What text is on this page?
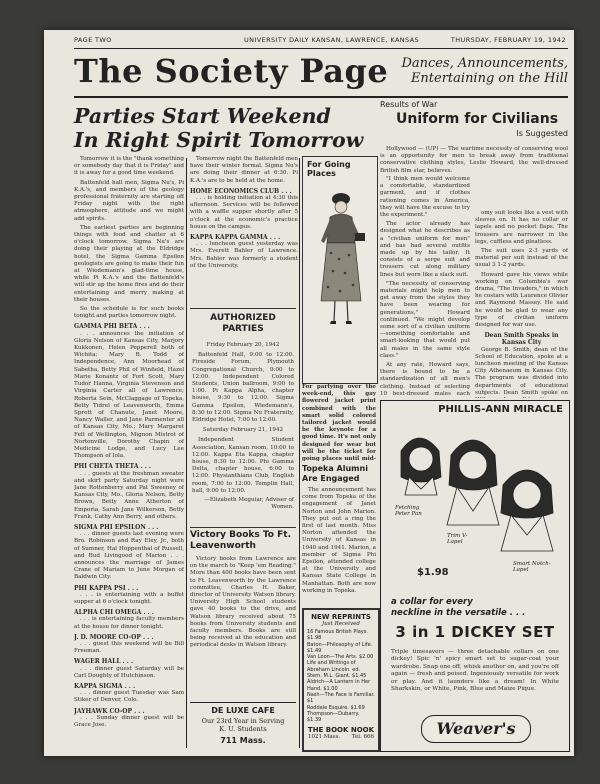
PAGE TWO	UNIVERSITY DAILY KANSAN, LAWRENCE, KANSAS	THURSDAY, FEBRUARY 19, 1942
The Society Page	Dances, Announcements,
Entertaining on the Hill
Parties Start Weekend
In Right Spirit Tomorrow

Tomorrow it is the "thank something or somebody day that it is Friday" and it is away for a good time weekend.

Battenfeld hall men, Sigma Nu's, Pi K.A.'s, and members of the geology professional fraternity are starting off Friday night with the right atmosphere, attitude and we might add spirits.

The earliest parties are beginning things with food and chatter at 6 o'clock tomorrow. Sigma Nu's are doing their playing at the Eldridge hotel, the Sigma Gamma Epsilon geologists are going to make their fun at Wiedemann's glad-time house, while Pi K.A.'s and the Battenfeld's will stir up the home fires and do their entertaining and merry making at their houses.

So the schedule is for such books tonight and parties tomorrow night.

GAMMA PHI BETA . . .

. . . announces the initiation of Gloria Nelson of Kansas City, Marjory Kukkonen, Helen Pepperell both of Wichita; Mary B. Todd of Independence, Ann Moorhead of Sabetha, Betty Phil of Winfield, Hazel Marie Konantz of Fort Scott, Mary Tudor Hanna, Virginia Stevenson and Virginia Carter all of Lawrence; Roberta Sein, McClaggage of Topeka, Betty Tidrel of Leavenworth, Emma Sprott of Chanute, Janet Moore, Nancy Waller, and Jane Parmenter all of Kansas City, Mo.; Mary Margaret Felt of Wellington, Mignon Mistrot of Nortonville, Dorothy Chapin of Medicine Lodge, and Lucy Lee Thompson of Iola.

PHI CHETA THETA . . .

. . . guests at the freshman sweater and skirt party Saturday night were Jane Rottenberry and Pat Sweeney of Kansas City, Mo., Gloria Nelson, Betty Brown, Betty Anne Atherton of Emporia, Sarah Jane Wilkerson, Betty Frank, Cathy Ann Berry, and others.

SIGMA PHI EPSILON . . .

. . . dinner guests last evening were Bro. Robinson and Ray Eley, Jr., both of Sumner, Hal Hoppenthal of Russell, and Bud Livingood of Marion . . . announces the marriage of James Crane of Mariam to June Morgan of Baldwin City.

PHI KAPPA PSI . . .

. . . is entertaining with a buffet supper at 6 o'clock tonight.

ALPHA CHI OMEGA . . .

. . . is entertaining faculty members at the house for dinner tonight.

J. D. MOORE CO-OP . . .

. . . guest this weekend will be Bill Freeman.

WAGER HALL . . .

. . . dinner guest Saturday will be Carl Doughty of Hutchinson.

KAPPA SIGMA . . .

. . . dinner guest Tuesday was Sam Stiker of Denver, Colo.

JAYHAWK CO-OP . . .

. . . Sunday dinner guest will be Grace Jose.

Tomorrow night the Battenfeld men have their winter formal. Sigma Nu's are doing their dinner at 6:30. Pi K.A.'s are to be held at the home.

HOME ECONOMICS CLUB . . .

. . . is holding initiation at 4:30 this afternoon. Services will be followed with a waffle supper shortly after 5 o'clock at the economic's practice house on the campus.

KAPPA KAPPA GAMMA . . .

. . . luncheon guest yesterday was Mrs. Everett Bahler of Lawrence. Mrs. Bahler was formerly a student of the University.

AUTHORIZED PARTIES
Friday February 20, 1942

Battenfeld Hall, 9:00 to 12:00. Fireside Forum, Plymouth Congregational Church, 9:00 to 12:00. Independent Colored Students, Union ballroom, 9:00 to 1:00. Pi Kappa Alpha, chapter house, 9:30 to 12:00. Sigma Gamma Epsilon, Wiedemann's, 8:30 to 12:00. Sigma Nu Fraternity, Eldridge Hotel, 7:00 to 12:00.

Saturday February 21, 1942

Independent Student Association, Kansan room, 10:00 to 12:00. Kappa Eta Kappa, chapter house, 8:30 to 12:00. Phi Gamma Delta, chapter house, 6:00 to 12:00. Physianthians Club, English room, 7:00 to 12:00. Templin Hall, hall, 9:00 to 12:00.

—Elizabeth Meguiar, Adviser of Women.

Victory Books To Ft. Leavenworth

Victory books from Lawrence are on the march to "Keep 'em Reading." More than 400 books have been sent to Ft. Leavenworth by the Lawrence committee, Charles H. Baker, director of University Watson library. University High School students gave 40 books to the drive, and Watson library received about 75 books from University students and faculty members. Books are still being received at the education and periodical desks in Watson library.

DE LUXE CAFE
Our 23rd Year in Serving
K. U. Students
711 Mass.
For Going Places

For partying over the week-end, this gay flowered jacket print combined with the smart solid colored tailored jacket would be the keynote for a good time. It's not only designed for wear but will be the ticket for going places until mid-

Topeka Alumni Are Engaged

The announcement has come from Topeka of the engagement of Janet Norton and John Marion. They put out a ring the first of last month. Miss Norton attended the University of Kansas in 1940 and 1941. Marion, a member of Sigma Phi Epsilon, attended college at the University and Kansas State College in Manhattan. Both are now working in Topeka.

NEW REPRINTS
Just Received
16 Famous British Plays. $1.98
Baton—Philosophy of Life. $1.49
Van Loon—The Arts. $2.00
Life and Writings of Abraham Lincoln. ed. Stern. M.L. Giant. $1.45
Aldrich—A Lantern in Her Hand. $1.00
Nash—The Face is Familiar. $1
Roddale Esquire. $1.69
Thompson—Dubarry. $1.39
THE BOOK NOOK
1021 Mass. Tel. 666
Results of War
Uniform for Civilians
Is Suggested

Hollywood — (UP) — The wartime necessity of conserving wool is an opportunity for men to break away from traditional conservative clothing styles, Leslie Howard, the well-dressed British film star, believes.

"I think men would welcome a comfortable, standardized garment, and if clothes rationing comes in America, they will have the excuse to try the experiment."

The actor already has designed what he describes as a "civilian uniform for men" and has had several outfits made up by his tailor. It consists of a serge suit and trousers cut along military lines but worn like a slack suit.

"The necessity of conserving materials might help men to get away from the styles they have been wearing for generations," Howard continued. "We might develop some sort of a civilian uniform—something comfortable and smart-looking that would put all males in the same style class."

At any rate, Howard says, there is bound to be a standardization of all men's clothing. Instead of selecting 10 best-dressed males each

omy suit looks like a vest with sleeves on. It has no collar or lapels and no pocket flaps. The trousers are narrower in the legs, cuffless and pleatless.

The suit uses 2-3 yards of material per suit instead of the usual 3 1-2 yards.

Howard gave his views while working on Columbia's war drama, "The Invaders," in which he costars with Laurence Olivier and Raymond Massey. He said he would be glad to wear any type of civilian uniform designed for war use.

Dean Smith Speaks in Kansas City

George B. Smith, dean of the School of Education, spoke at a luncheon meeting of the Kansas City Athenaeum in Kansas City. The program was divided into departments of educational subjects. Dean Smith spoke on

PHILLIS-ANN MIRACLE
Fetching Peter Pan
Trim V-Lapel
Smart Notch-Lapel
$1.98
a collar for every
neckline in the versatile . . .
3 in 1 DICKEY SET

Triple timesavers — three detachable collars on one dickey! Spic 'n' spicy smart set to sugar-coat your wardrobe. Snap one off, whisk another on, and you're off again — fresh and poised. Ingeniously versatile for work or play. And it launders like a dream! In White Sharkskin, or White, Pink, Blue and Maize Pique.

Weaver's
